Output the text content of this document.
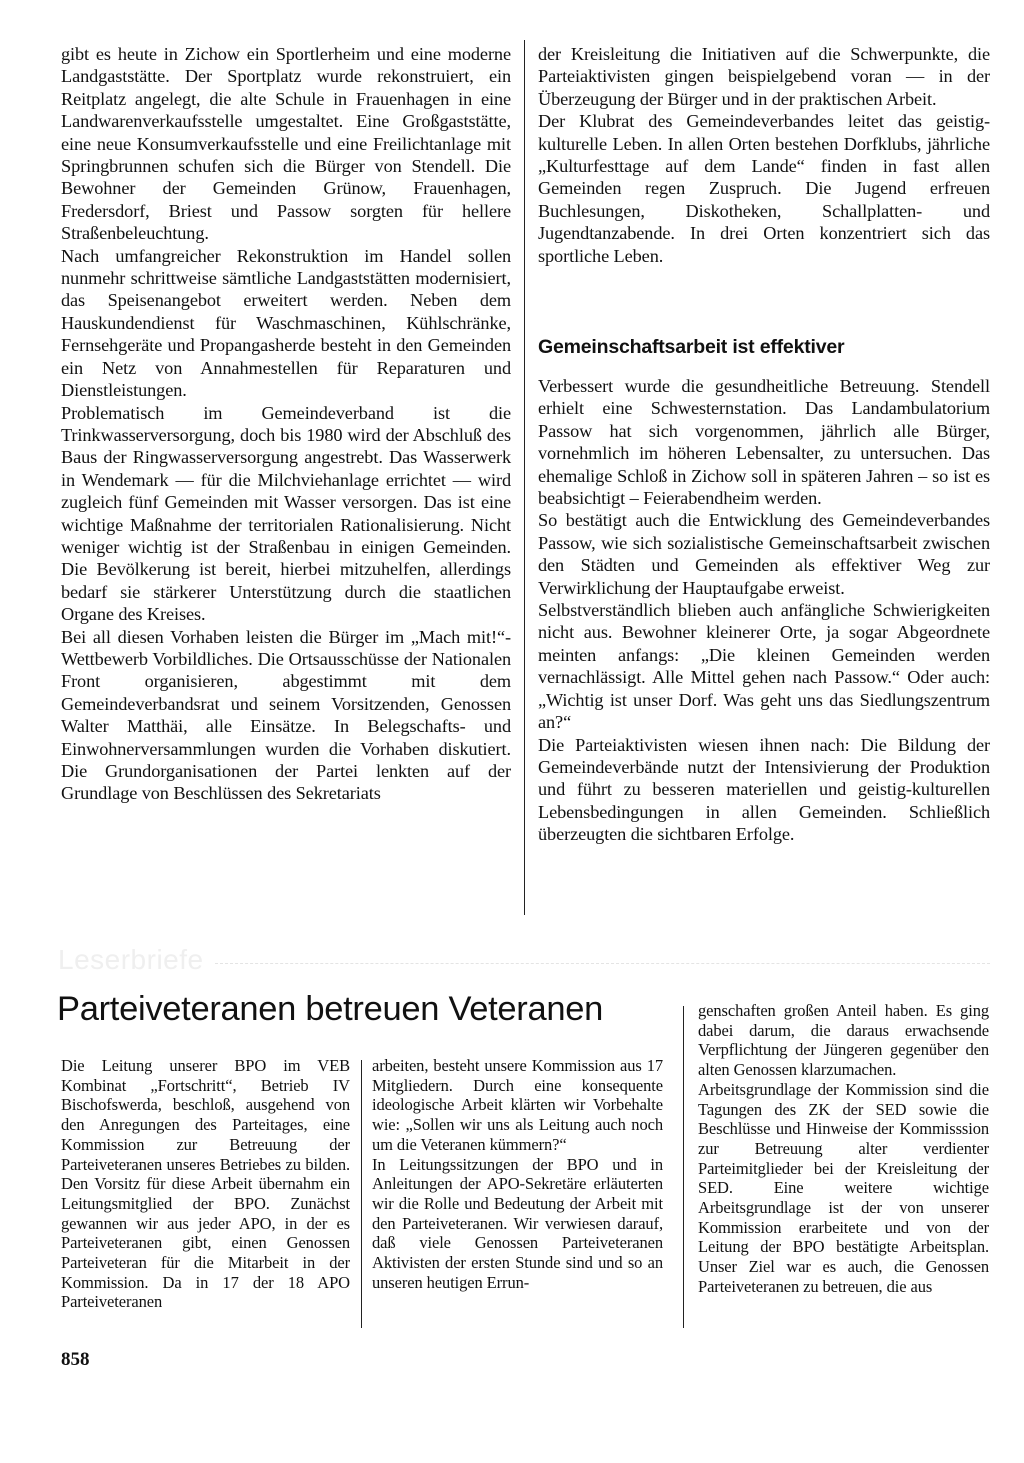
gibt es heute in Zichow ein Sportlerheim und eine moderne Landgaststätte. Der Sportplatz wurde rekonstruiert, ein Reitplatz angelegt, die alte Schule in Frauenhagen in eine Landwarenverkaufsstelle umgestaltet. Eine Großgaststätte, eine neue Konsumverkaufsstelle und eine Freilichtanlage mit Springbrunnen schufen sich die Bürger von Stendell. Die Bewohner der Gemeinden Grünow, Frauenhagen, Fredersdorf, Briest und Passow sorgten für hellere Straßenbeleuchtung.

Nach umfangreicher Rekonstruktion im Handel sollen nunmehr schrittweise sämtliche Landgaststätten modernisiert, das Speisenangebot erweitert werden. Neben dem Hauskundendienst für Waschmaschinen, Kühlschränke, Fernsehgeräte und Propangasherde besteht in den Gemeinden ein Netz von Annahmestellen für Reparaturen und Dienstleistungen.

Problematisch im Gemeindeverband ist die Trinkwasserversorgung, doch bis 1980 wird der Abschluß des Baus der Ringwasserversorgung angestrebt. Das Wasserwerk in Wendemark — für die Milchviehanlage errichtet — wird zugleich fünf Gemeinden mit Wasser versorgen. Das ist eine wichtige Maßnahme der territorialen Rationalisierung. Nicht weniger wichtig ist der Straßenbau in einigen Gemeinden. Die Bevölkerung ist bereit, hierbei mitzuhelfen, allerdings bedarf sie stärkerer Unterstützung durch die staatlichen Organe des Kreises.

Bei all diesen Vorhaben leisten die Bürger im „Mach mit!“-Wettbewerb Vorbildliches. Die Ortsausschüsse der Nationalen Front organisieren, abgestimmt mit dem Gemeindeverbandsrat und seinem Vorsitzenden, Genossen Walter Matthäi, alle Einsätze. In Belegschafts- und Einwohnerversammlungen wurden die Vorhaben diskutiert. Die Grundorganisationen der Partei lenkten auf der Grundlage von Beschlüssen des Sekretariats

der Kreisleitung die Initiativen auf die Schwerpunkte, die Parteiaktivisten gingen beispielgebend voran — in der Überzeugung der Bürger und in der praktischen Arbeit.

Der Klubrat des Gemeindeverbandes leitet das geistig-kulturelle Leben. In allen Orten bestehen Dorfklubs, jährliche „Kulturfesttage auf dem Lande“ finden in fast allen Gemeinden regen Zuspruch. Die Jugend erfreuen Buchlesungen, Diskotheken, Schallplatten- und Jugendtanzabende. In drei Orten konzentriert sich das sportliche Leben.

Gemeinschaftsarbeit ist effektiver

Verbessert wurde die gesundheitliche Betreuung. Stendell erhielt eine Schwesternstation. Das Landambulatorium Passow hat sich vorgenommen, jährlich alle Bürger, vornehmlich im höheren Lebensalter, zu untersuchen. Das ehemalige Schloß in Zichow soll in späteren Jahren – so ist es beabsichtigt – Feierabendheim werden.

So bestätigt auch die Entwicklung des Gemeindeverbandes Passow, wie sich sozialistische Gemeinschaftsarbeit zwischen den Städten und Gemeinden als effektiver Weg zur Verwirklichung der Hauptaufgabe erweist.

Selbstverständlich blieben auch anfängliche Schwierigkeiten nicht aus. Bewohner kleinerer Orte, ja sogar Abgeordnete meinten anfangs: „Die kleinen Gemeinden werden vernachlässigt. Alle Mittel gehen nach Passow.“ Oder auch: „Wichtig ist unser Dorf. Was geht uns das Siedlungszentrum an?“

Die Parteiaktivisten wiesen ihnen nach: Die Bildung der Gemeindeverbände nutzt der Intensivierung der Produktion und führt zu besseren materiellen und geistig-kulturellen Lebensbedingungen in allen Gemeinden. Schließlich überzeugten die sichtbaren Erfolge.

Leserbriefe
Parteiveteranen betreuen Veteranen

Die Leitung unserer BPO im VEB Kombinat „Fortschritt“, Betrieb IV Bischofswerda, beschloß, ausgehend von den Anregungen des Parteitages, eine Kommission zur Betreuung der Parteiveteranen unseres Betriebes zu bilden. Den Vorsitz für diese Arbeit übernahm ein Leitungsmitglied der BPO. Zunächst gewannen wir aus jeder APO, in der es Parteiveteranen gibt, einen Genossen Parteiveteran für die Mitarbeit in der Kommission. Da in 17 der 18 APO Parteiveteranen

arbeiten, besteht unsere Kommission aus 17 Mitgliedern. Durch eine konsequente ideologische Arbeit klärten wir Vorbehalte wie: „Sollen wir uns als Leitung auch noch um die Veteranen kümmern?“

In Leitungssitzungen der BPO und in Anleitungen der APO-Sekretäre erläuterten wir die Rolle und Bedeutung der Arbeit mit den Parteiveteranen. Wir verwiesen darauf, daß viele Genossen Parteiveteranen Aktivisten der ersten Stunde sind und so an unseren heutigen Errun-

genschaften großen Anteil haben. Es ging dabei darum, die daraus erwachsende Verpflichtung der Jüngeren gegenüber den alten Genossen klarzumachen.

Arbeitsgrundlage der Kommission sind die Tagungen des ZK der SED sowie die Beschlüsse und Hinweise der Kommisssion zur Betreuung alter verdienter Parteimitglieder bei der Kreisleitung der SED. Eine weitere wichtige Arbeitsgrundlage ist der von unserer Kommission erarbeitete und von der Leitung der BPO bestätigte Arbeitsplan. Unser Ziel war es auch, die Genossen Parteiveteranen zu betreuen, die aus

858
